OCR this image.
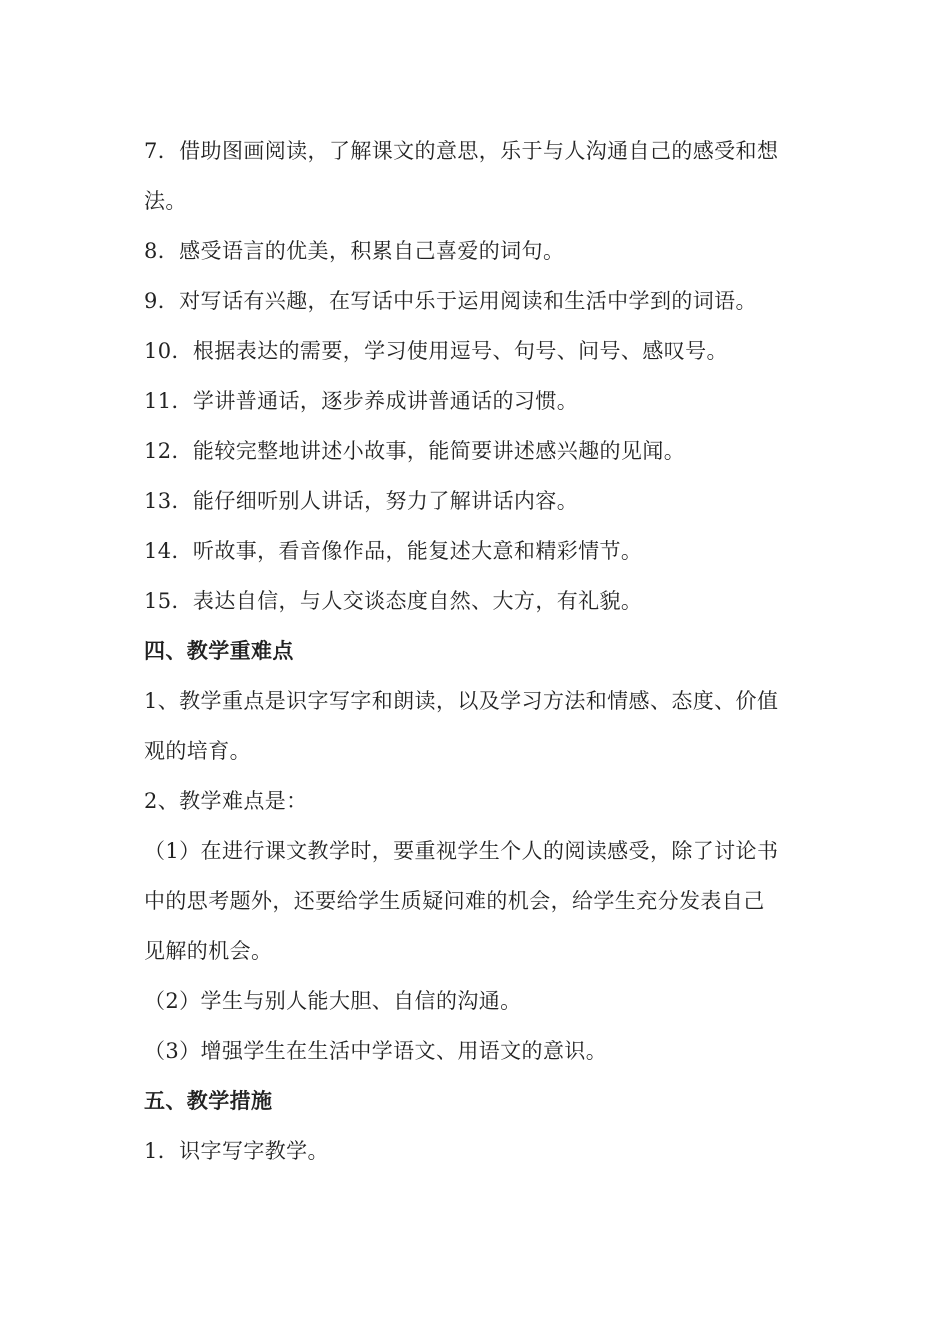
7．借助图画阅读，了解课文的意思，乐于与人沟通自己的感受和想
法。
8．感受语言的优美，积累自己喜爱的词句。
9．对写话有兴趣，在写话中乐于运用阅读和生活中学到的词语。
10．根据表达的需要，学习使用逗号、句号、问号、感叹号。
11．学讲普通话，逐步养成讲普通话的习惯。
12．能较完整地讲述小故事，能简要讲述感兴趣的见闻。
13．能仔细听别人讲话，努力了解讲话内容。
14．听故事，看音像作品，能复述大意和精彩情节。
15．表达自信，与人交谈态度自然、大方，有礼貌。
四、教学重难点
1、教学重点是识字写字和朗读，以及学习方法和情感、态度、价值
观的培育。
2、教学难点是：
（1）在进行课文教学时，要重视学生个人的阅读感受，除了讨论书
中的思考题外，还要给学生质疑问难的机会，给学生充分发表自己
见解的机会。
（2）学生与别人能大胆、自信的沟通。
（3）增强学生在生活中学语文、用语文的意识。
五、教学措施
1．识字写字教学。
